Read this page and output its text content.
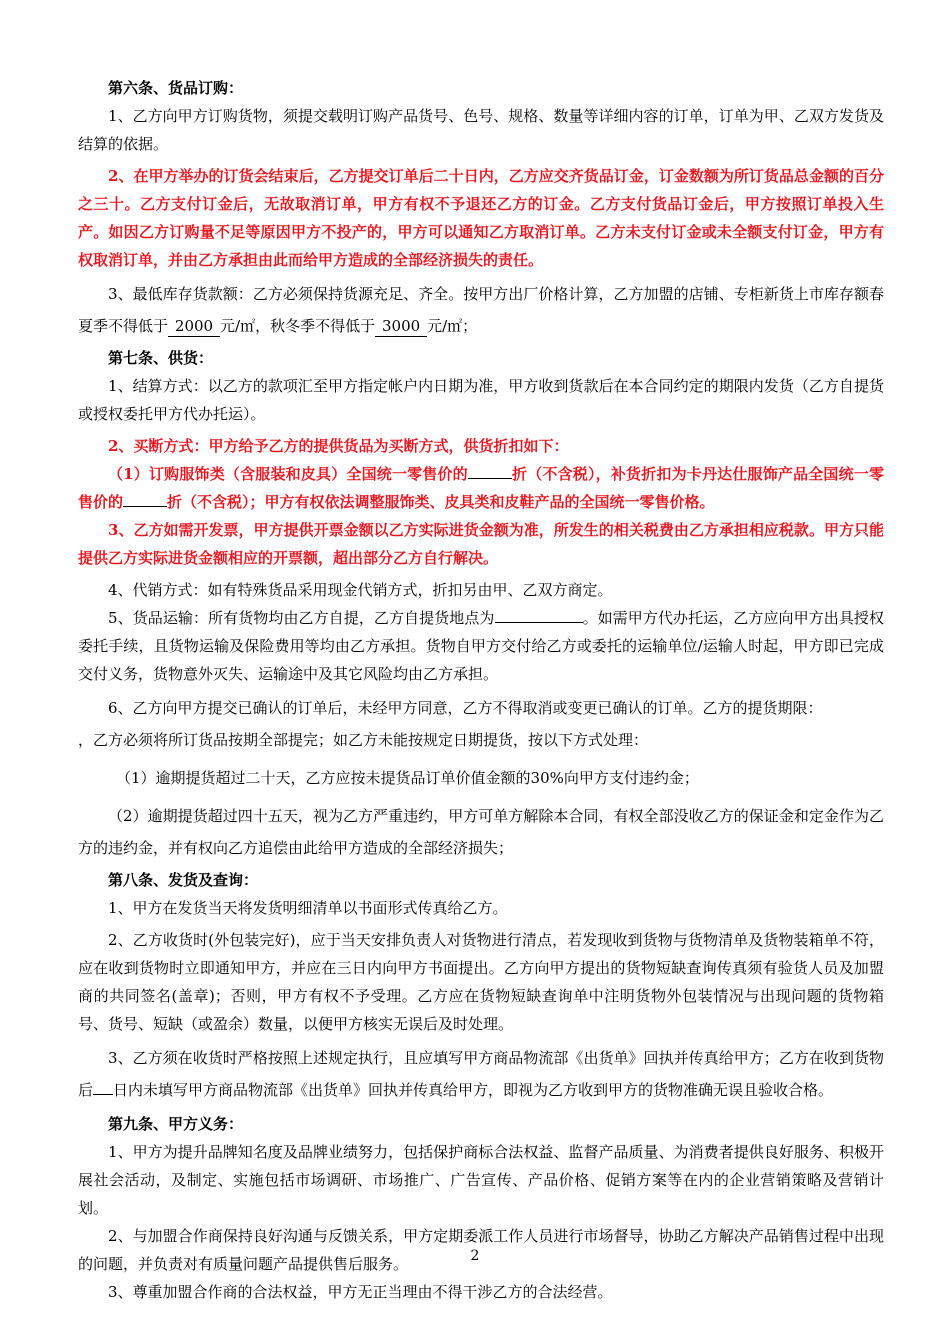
第六条、货品订购：

1、乙方向甲方订购货物，须提交载明订购产品货号、色号、规格、数量等详细内容的订单，订单为甲、乙双方发货及结算的依据。

2、在甲方举办的订货会结束后，乙方提交订单后二十日内，乙方应交齐货品订金，订金数额为所订货品总金额的百分之三十。乙方支付订金后，无故取消订单，甲方有权不予退还乙方的订金。乙方支付货品订金后，甲方按照订单投入生产。如因乙方订购量不足等原因甲方不投产的，甲方可以通知乙方取消订单。乙方未支付订金或未全额支付订金，甲方有权取消订单，并由乙方承担由此而给甲方造成的全部经济损失的责任。

3、最低库存货款额：乙方必须保持货源充足、齐全。按甲方出厂价格计算，乙方加盟的店铺、专柜新货上市库存额春夏季不得低于 2000 元/㎡，秋冬季不得低于 3000 元/㎡；

第七条、供货：

1、结算方式：以乙方的款项汇至甲方指定帐户内日期为准，甲方收到货款后在本合同约定的期限内发货（乙方自提货或授权委托甲方代办托运）。

2、买断方式：甲方给予乙方的提供货品为买断方式，供货折扣如下：

（1）订购服饰类（含服装和皮具）全国统一零售价的	折（不含税），补货折扣为卡丹达仕服饰产品全国统一零售价的	折（不含税）；甲方有权依法调整服饰类、皮具类和皮鞋产品的全国统一零售价格。

3、乙方如需开发票，甲方提供开票金额以乙方实际进货金额为准，所发生的相关税费由乙方承担相应税款。甲方只能提供乙方实际进货金额相应的开票额，超出部分乙方自行解决。

4、代销方式：如有特殊货品采用现金代销方式，折扣另由甲、乙双方商定。

5、货品运输：所有货物均由乙方自提，乙方自提货地点为	。如需甲方代办托运，乙方应向甲方出具授权委托手续，且货物运输及保险费用等均由乙方承担。货物自甲方交付给乙方或委托的运输单位/运输人时起，甲方即已完成交付义务，货物意外灭失、运输途中及其它风险均由乙方承担。

6、乙方向甲方提交已确认的订单后，未经甲方同意，乙方不得取消或变更已确认的订单。乙方的提货期限：

，乙方必须将所订货品按期全部提完；如乙方未能按规定日期提货，按以下方式处理：

（1）逾期提货超过二十天，乙方应按未提货品订单价值金额的30%向甲方支付违约金；

（2）逾期提货超过四十五天，视为乙方严重违约，甲方可单方解除本合同，有权全部没收乙方的保证金和定金作为乙方的违约金，并有权向乙方追偿由此给甲方造成的全部经济损失；

第八条、发货及查询：

1、甲方在发货当天将发货明细清单以书面形式传真给乙方。

2、乙方收货时(外包装完好)，应于当天安排负责人对货物进行清点，若发现收到货物与货物清单及货物装箱单不符，应在收到货物时立即通知甲方，并应在三日内向甲方书面提出。乙方向甲方提出的货物短缺查询传真须有验货人员及加盟商的共同签名(盖章)；否则，甲方有权不予受理。乙方应在货物短缺查询单中注明货物外包装情况与出现问题的货物箱号、货号、短缺（或盈余）数量，以便甲方核实无误后及时处理。

3、乙方须在收货时严格按照上述规定执行，且应填写甲方商品物流部《出货单》回执并传真给甲方；乙方在收到货物后 日内未填写甲方商品物流部《出货单》回执并传真给甲方，即视为乙方收到甲方的货物准确无误且验收合格。

第九条、甲方义务：

1、甲方为提升品牌知名度及品牌业绩努力，包括保护商标合法权益、监督产品质量、为消费者提供良好服务、积极开展社会活动，及制定、实施包括市场调研、市场推广、广告宣传、产品价格、促销方案等在内的企业营销策略及营销计划。

2、与加盟合作商保持良好沟通与反馈关系，甲方定期委派工作人员进行市场督导，协助乙方解决产品销售过程中出现的问题，并负责对有质量问题产品提供售后服务。

3、尊重加盟合作商的合法权益，甲方无正当理由不得干涉乙方的合法经营。

2
